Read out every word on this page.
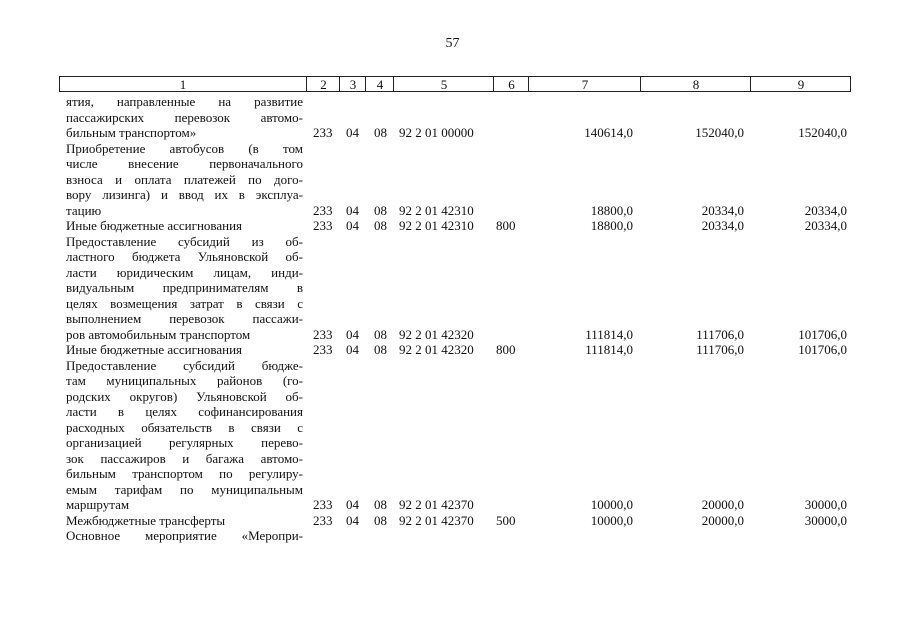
57
1	2	3	4	5	6	7	8	9
ятия, направленные на развитие
пассажирских перевозок автомо-
бильным транспортом»	233 04 08 92 2 01 00000	140614,0	152040,0	152040,0
Приобретение автобусов (в том
числе внесение первоначального
взноса и оплата платежей по дого-
вору лизинга) и ввод их в эксплуа-
тацию	233 04 08 92 2 01 42310	18800,0	20334,0	20334,0
Иные бюджетные ассигнования	233 04 08 92 2 01 42310 800	18800,0	20334,0	20334,0
Предоставление субсидий из об-
ластного бюджета Ульяновской об-
ласти юридическим лицам, инди-
видуальным предпринимателям в
целях возмещения затрат в связи с
выполнением перевозок пассажи-
ров автомобильным транспортом	233 04 08 92 2 01 42320	111814,0	111706,0	101706,0
Иные бюджетные ассигнования	233 04 08 92 2 01 42320 800	111814,0	111706,0	101706,0
Предоставление субсидий бюдже-
там муниципальных районов (го-
родских округов) Ульяновской об-
ласти в целях софинансирования
расходных обязательств в связи с
организацией регулярных перево-
зок пассажиров и багажа автомо-
бильным транспортом по регулиру-
емым тарифам по муниципальным
маршрутам	233 04 08 92 2 01 42370	10000,0	20000,0	30000,0
Межбюджетные трансферты	233 04 08 92 2 01 42370 500	10000,0	20000,0	30000,0
Основное мероприятие «Меропри-
